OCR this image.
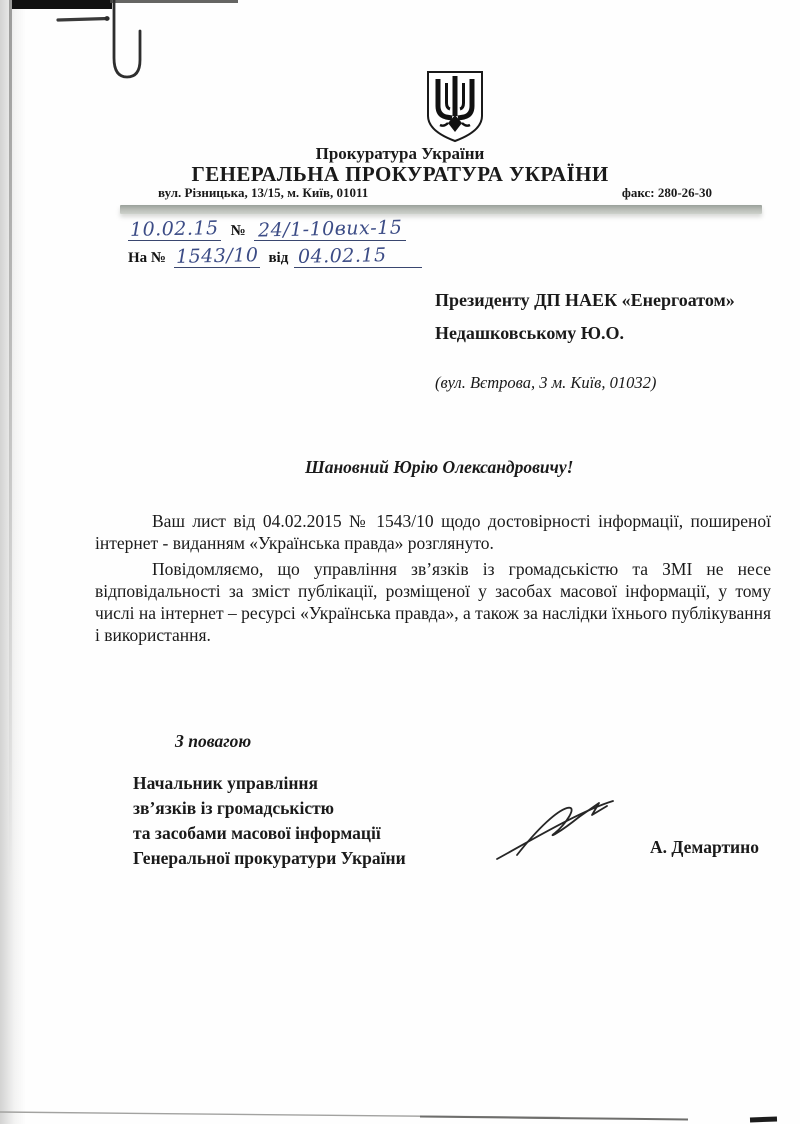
Прокуратура України
ГЕНЕРАЛЬНА ПРОКУРАТУРА УКРАЇНИ
вул. Різницька, 13/15, м. Київ, 01011	факс: 280-26-30
10.02.15 № 24/1-10вих-15
На № 1543/10 від 04.02.15
Президенту ДП НАЕК «Енергоатом»
Недашковському Ю.О.
(вул. Вєтрова, 3 м. Київ, 01032)
Шановний Юрію Олександровичу!

Ваш лист від 04.02.2015 № 1543/10 щодо достовірності інформації, поширеної інтернет - виданням «Українська правда» розглянуто.

Повідомляємо, що управління зв’язків із громадськістю та ЗМІ не несе відповідальності за зміст публікації, розміщеної у засобах масової інформації, у тому числі на інтернет – ресурсі «Українська правда», а також за наслідки їхнього публікування і використання.

З повагою
Начальник управління
зв’язків із громадськістю
та засобами масової інформації
Генеральної прокуратури України
А. Демартино
